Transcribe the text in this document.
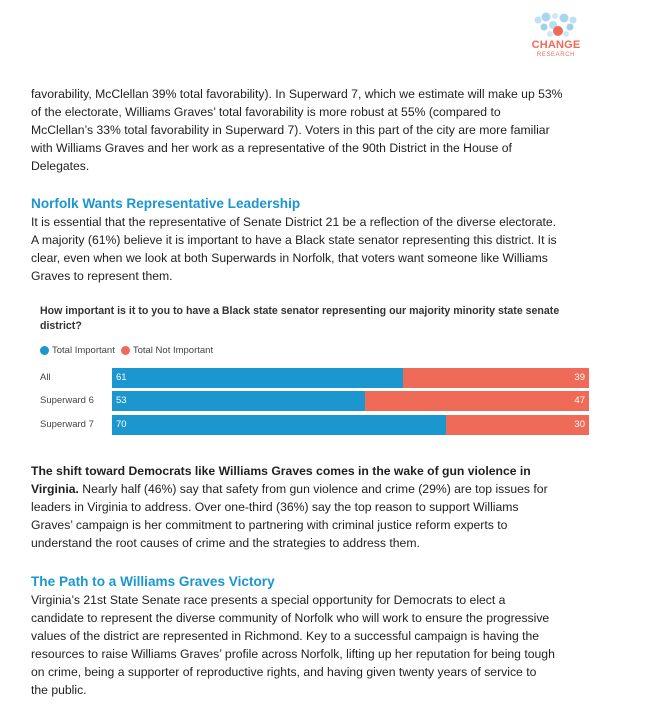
CHANGE
RESEARCH

favorability, McClellan 39% total favorability). In Superward 7, which we estimate will make up 53%
of the electorate, Williams Graves’ total favorability is more robust at 55% (compared to
McClellan’s 33% total favorability in Superward 7). Voters in this part of the city are more familiar
with Williams Graves and her work as a representative of the 90th District in the House of
Delegates.

Norfolk Wants Representative Leadership

It is essential that the representative of Senate District 21 be a reflection of the diverse electorate.
A majority (61%) believe it is important to have a Black state senator representing this district. It is
clear, even when we look at both Superwards in Norfolk, that voters want someone like Williams
Graves to represent them.

How important is it to you to have a Black state senator representing our majority minority state senate district?

Total Important Total Not Important
All	61	39
Superward 6 53	47
Superward 7 70	30

The shift toward Democrats like Williams Graves comes in the wake of gun violence in
Virginia. Nearly half (46%) say that safety from gun violence and crime (29%) are top issues for
leaders in Virginia to address. Over one-third (36%) say the top reason to support Williams
Graves’ campaign is her commitment to partnering with criminal justice reform experts to
understand the root causes of crime and the strategies to address them.

The Path to a Williams Graves Victory

Virginia’s 21st State Senate race presents a special opportunity for Democrats to elect a
candidate to represent the diverse community of Norfolk who will work to ensure the progressive
values of the district are represented in Richmond. Key to a successful campaign is having the
resources to raise Williams Graves’ profile across Norfolk, lifting up her reputation for being tough
on crime, being a supporter of reproductive rights, and having given twenty years of service to
the public.
